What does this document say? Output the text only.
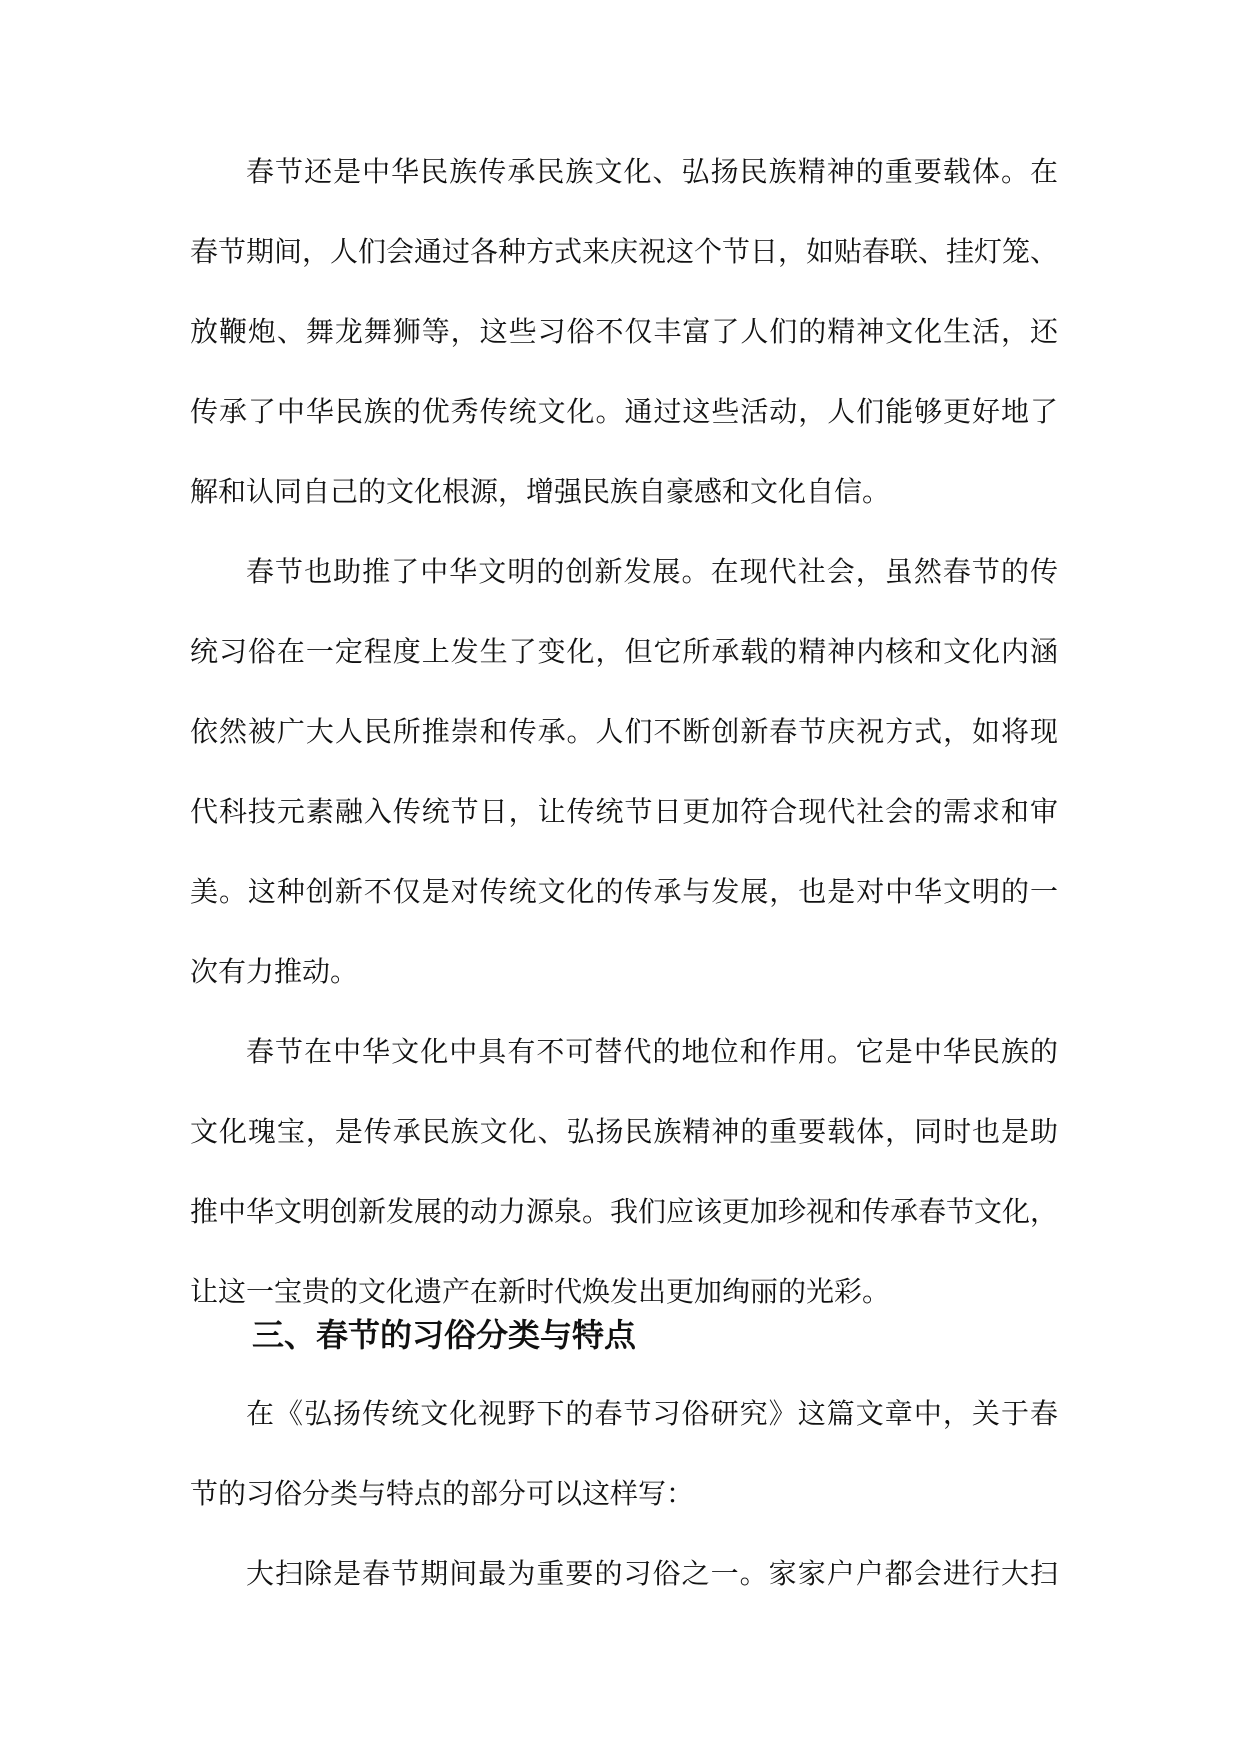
春节还是中华民族传承民族文化、弘扬民族精神的重要载体。在
春节期间，人们会通过各种方式来庆祝这个节日，如贴春联、挂灯笼、
放鞭炮、舞龙舞狮等，这些习俗不仅丰富了人们的精神文化生活，还
传承了中华民族的优秀传统文化。通过这些活动，人们能够更好地了
解和认同自己的文化根源，增强民族自豪感和文化自信。
春节也助推了中华文明的创新发展。在现代社会，虽然春节的传
统习俗在一定程度上发生了变化，但它所承载的精神内核和文化内涵
依然被广大人民所推崇和传承。人们不断创新春节庆祝方式，如将现
代科技元素融入传统节日，让传统节日更加符合现代社会的需求和审
美。这种创新不仅是对传统文化的传承与发展，也是对中华文明的一
次有力推动。
春节在中华文化中具有不可替代的地位和作用。它是中华民族的
文化瑰宝，是传承民族文化、弘扬民族精神的重要载体，同时也是助
推中华文明创新发展的动力源泉。我们应该更加珍视和传承春节文化，
让这一宝贵的文化遗产在新时代焕发出更加绚丽的光彩。
三、春节的习俗分类与特点
在《弘扬传统文化视野下的春节习俗研究》这篇文章中，关于春
节的习俗分类与特点的部分可以这样写：
大扫除是春节期间最为重要的习俗之一。家家户户都会进行大扫
